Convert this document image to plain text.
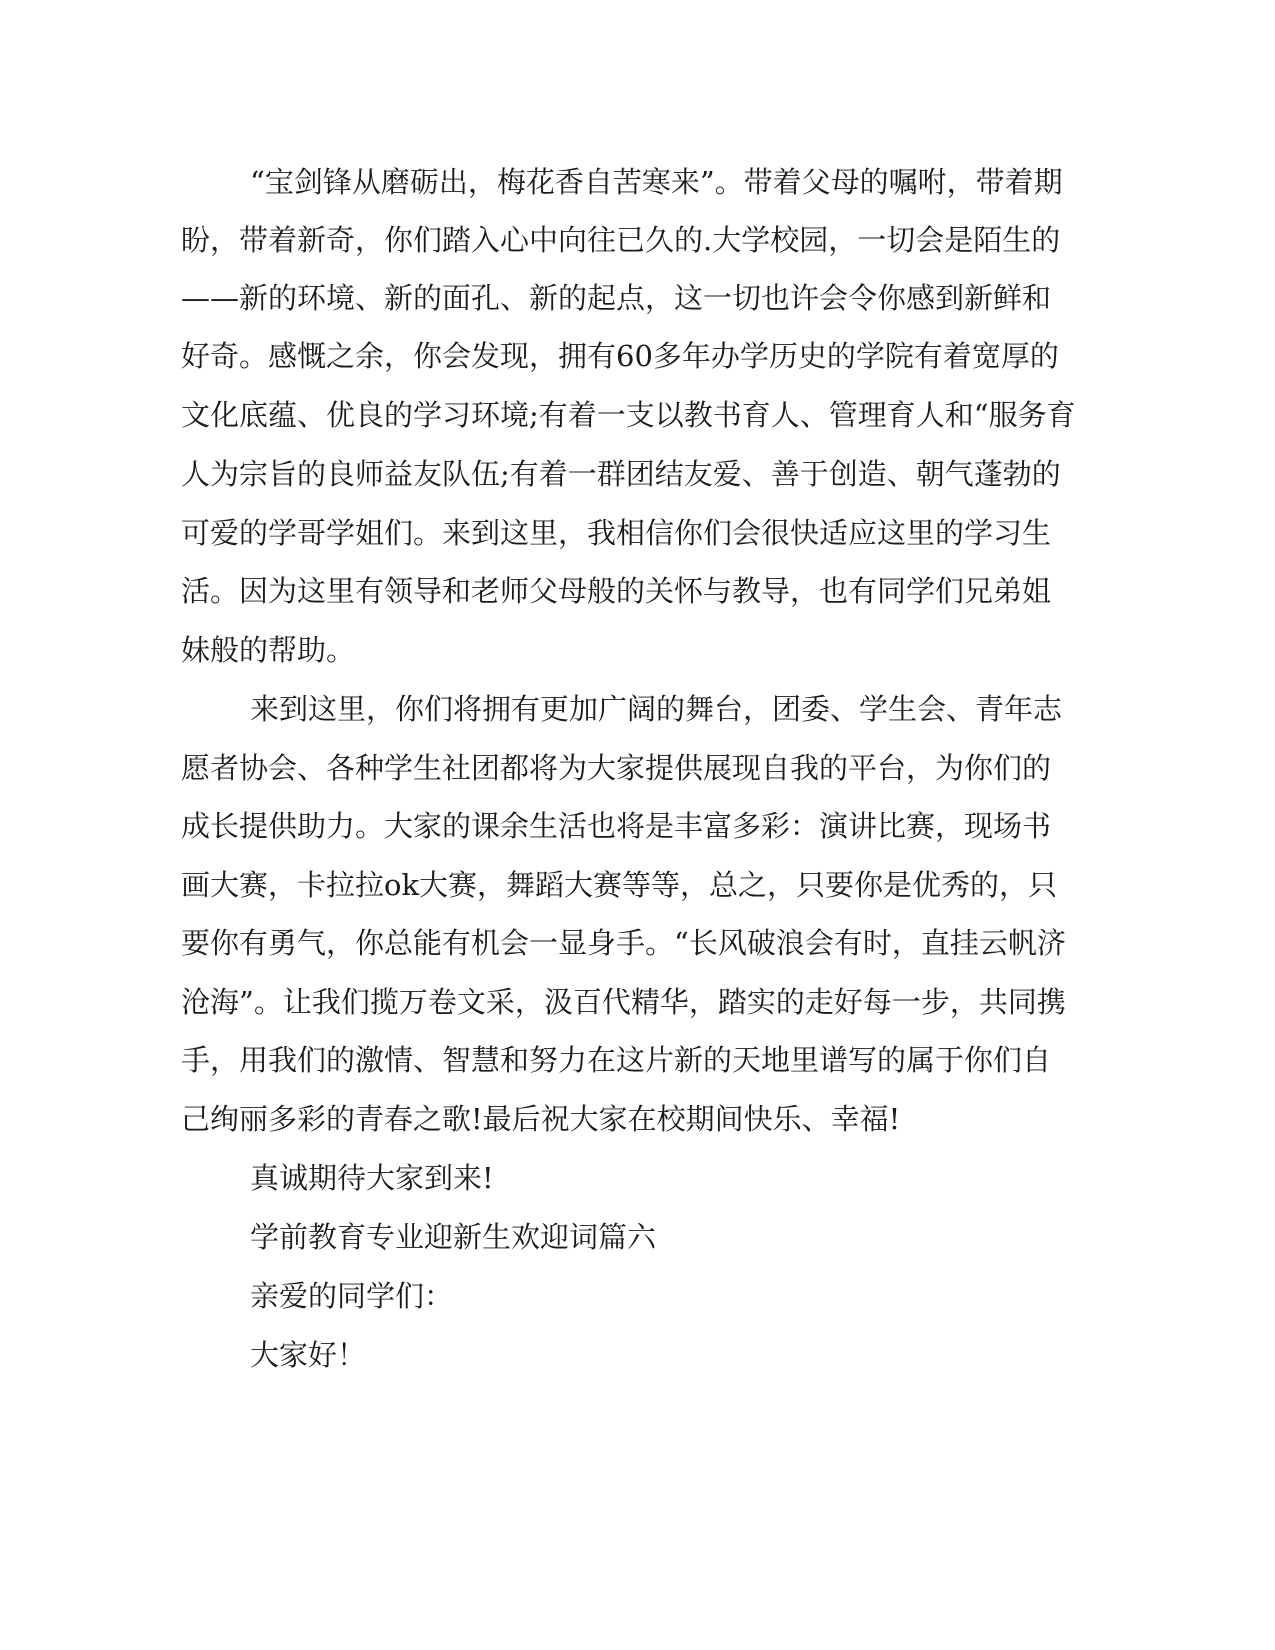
“宝剑锋从磨砺出，梅花香自苦寒来”。带着父母的嘱咐，带着期
盼，带着新奇，你们踏入心中向往已久的.大学校园，一切会是陌生的
——新的环境、新的面孔、新的起点，这一切也许会令你感到新鲜和
好奇。感慨之余，你会发现，拥有60多年办学历史的学院有着宽厚的
文化底蕴、优良的学习环境;有着一支以教书育人、管理育人和“服务育
人为宗旨的良师益友队伍;有着一群团结友爱、善于创造、朝气蓬勃的
可爱的学哥学姐们。来到这里，我相信你们会很快适应这里的学习生
活。因为这里有领导和老师父母般的关怀与教导，也有同学们兄弟姐
妹般的帮助。
来到这里，你们将拥有更加广阔的舞台，团委、学生会、青年志
愿者协会、各种学生社团都将为大家提供展现自我的平台，为你们的
成长提供助力。大家的课余生活也将是丰富多彩：演讲比赛，现场书
画大赛，卡拉拉ok大赛，舞蹈大赛等等，总之，只要你是优秀的，只
要你有勇气，你总能有机会一显身手。“长风破浪会有时，直挂云帆济
沧海”。让我们揽万卷文采，汲百代精华，踏实的走好每一步，共同携
手，用我们的激情、智慧和努力在这片新的天地里谱写的属于你们自
己绚丽多彩的青春之歌!最后祝大家在校期间快乐、幸福!
真诚期待大家到来!
学前教育专业迎新生欢迎词篇六
亲爱的同学们：
大家好！
